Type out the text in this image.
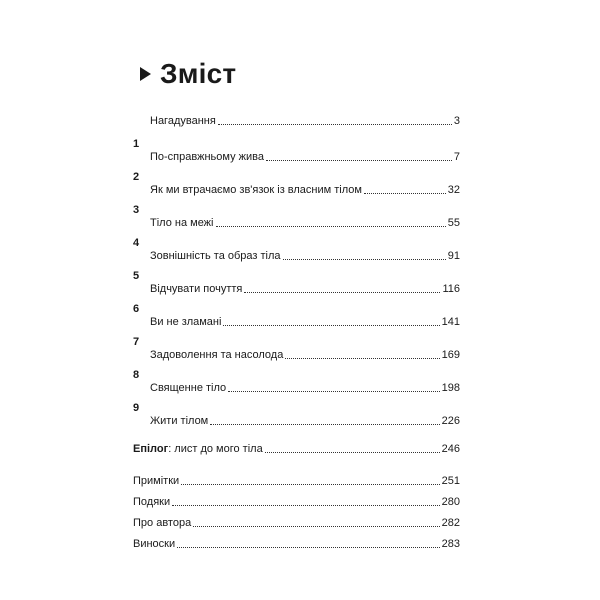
Зміст
Нагадування	3
1
По-справжньому жива	7
2
Як ми втрачаємо зв'язок із власним тілом	32
3
Тіло на межі	55
4
Зовнішність та образ тіла	91
5
Відчувати почуття	116
6
Ви не зламані	141
7
Задоволення та насолода	169
8
Священне тіло	198
9
Жити тілом	226
Епілог: лист до мого тіла	246
Примітки	251
Подяки	280
Про автора	282
Виноски	283
